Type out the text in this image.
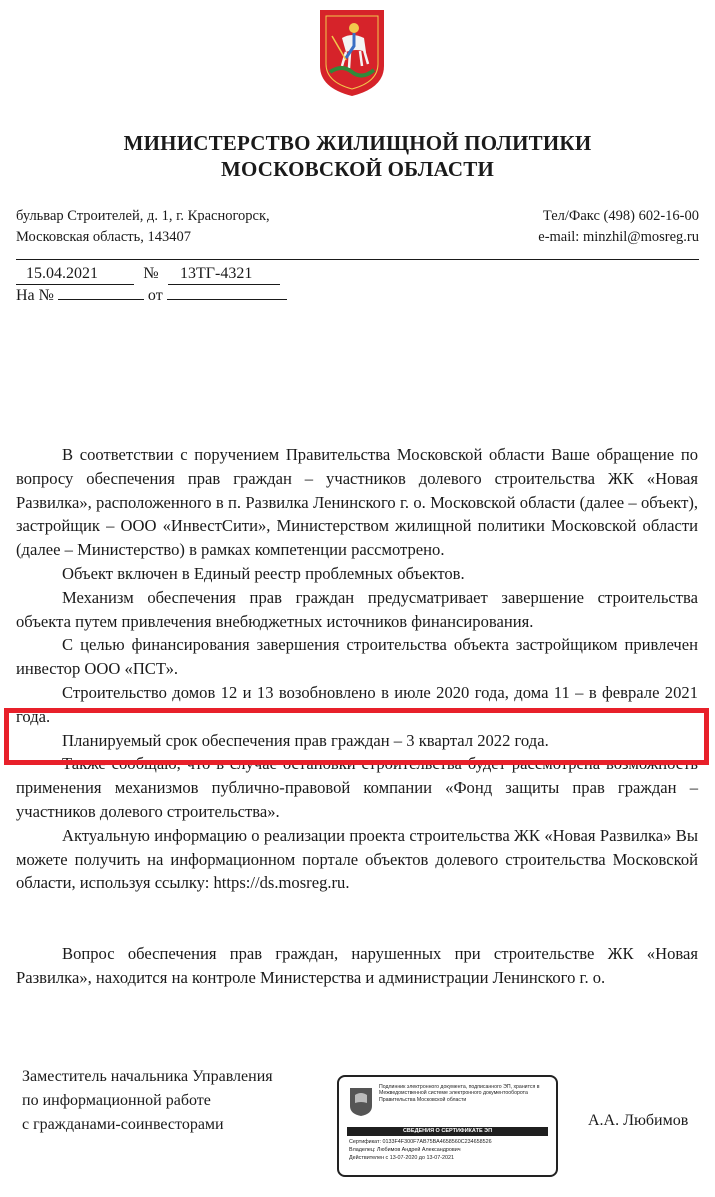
МИНИСТЕРСТВО ЖИЛИЩНОЙ ПОЛИТИКИ
МОСКОВСКОЙ ОБЛАСТИ
бульвар Строителей, д. 1, г. Красногорск,
Московская область, 143407
Тел/Факс (498) 602-16-00
e-mail: minzhil@mosreg.ru
15.04.2021	№ 13ТГ-4321
На №	от

В соответствии с поручением Правительства Московской области Ваше обращение по вопросу обеспечения прав граждан – участников долевого строительства ЖК «Новая Развилка», расположенного в п. Развилка Ленинского г. о. Московской области (далее – объект), застройщик – ООО «ИнвестСити», Министерством жилищной политики Московской области (далее – Министерство) в рамках компетенции рассмотрено.

Объект включен в Единый реестр проблемных объектов.

Механизм обеспечения прав граждан предусматривает завершение строительства объекта путем привлечения внебюджетных источников финансирования.

С целью финансирования завершения строительства объекта застройщиком привлечен инвестор ООО «ПСТ».

Строительство домов 12 и 13 возобновлено в июле 2020 года, дома 11 – в феврале 2021 года.

Планируемый срок обеспечения прав граждан – 3 квартал 2022 года.

Также сообщаю, что в случае остановки строительства будет рассмотрена возможность применения механизмов публично-правовой компании «Фонд защиты прав граждан – участников долевого строительства».

Актуальную информацию о реализации проекта строительства ЖК «Новая Развилка» Вы можете получить на информационном портале объектов долевого строительства Московской области, используя ссылку: https://ds.mosreg.ru.

Вопрос обеспечения прав граждан, нарушенных при строительстве ЖК «Новая Развилка», находится на контроле Министерства и администрации Ленинского г. о.

Заместитель начальника Управления
по информационной работе
с гражданами-соинвесторами
Подлинник электронного документа, подписанного ЭП, хранится в Межведомственной системе электронного документооборота Правительства Московской области
СВЕДЕНИЯ О СЕРТИФИКАТЕ ЭП
Сертификат: 0133F4F300F7AB75BA4658560C234658526
Владелец: Любимов Андрей Александрович
Действителен с 13-07-2020 до 13-07-2021
А.А. Любимов
